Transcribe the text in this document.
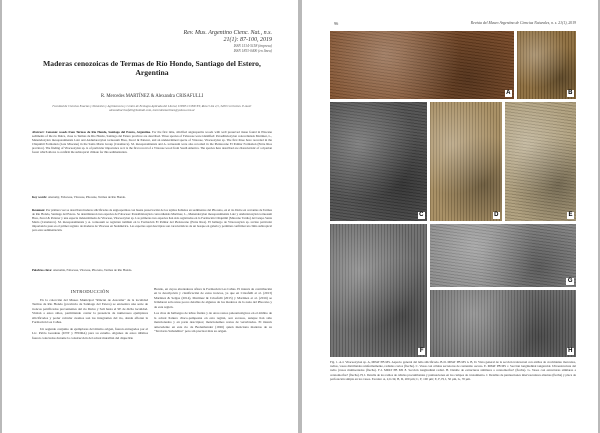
Rev. Mus. Argentino Cienc. Nat., n.s.
21(1): 87-100, 2019
ISSN 1514-5158 (impresa)
ISSN 1853-0400 (en línea)
Maderas cenozoicas de Termas de Río Hondo, Santiago del Estero, Argentina
R. Mercedes MARTÍNEZ & Alexandra CRISAFULLI
Facultad de Ciencias Exactas y Naturales y Agrimensura y Centro de Ecología Aplicada del Litoral, UNNE-CONICET, Ruta 5 km 2,5, 3400 Corrientes. E-mail: alexandracrisafulli@hotmail.com, mercedesmartinez@yahoo.com.ar
Abstract: Cenozoic woods from Termas de Río Hondo, Santiago del Estero, Argentina. For the first time, silicified angiosperms woods with well preserved tissue found in Pliocene sediments of the río Dulce, close to Termas de Río Hondo, Santiago del Estero province are described. Three species of Fabaceae were identified: Paraalbizioxylon concordiensis Martínez, L., Menendoxylon mesopotamiensis Lutz and Anduriaroxylon tortuosum Brea, Zucol & Patterer, and an undetermined specie of Vitaceae, Vitaceoxylon sp. The first three have recorded in the Chiquimil Formation (Late Miocene) in the Santa María Group (Catamarca). M. mesopotamiensis and A. tortuosum were also recorded in the Pleistocene El Palmar Formation (Entre Ríos province). The finding of Vitaceoxylon sp. is of particular importance as it is the first record of a Vitaceae wood from South America. The species here described are characteristic of a riparian forest which allows to confirm the subtropical climate for this sedimentation.
Key words: Anatomy, Fabaceae, Vitaceae, Pliocene, Termas de Río Hondo.
Resumen: Por primera vez se describen maderas silicificadas de angiospermas con buena preservación de los tejidos hallados en sedimentos del Plioceno, en el río Dulce en cercanías de Termas de Río Hondo, Santiago del Estero. Se determinaron tres especies de Fabaceae: Paraalbizioxylon concordiensis Martínez, L., Menendoxylon mesopotamiensis Lutz y Anduriaroxylon tortuosum Brea, Zucol & Patterer y una especie indeterminada de Vitaceae, Vitaceoxylon sp. Las primeras tres especies han sido registradas en la Formación Chiquimil (Mioceno Tardío) del Grupo Santa María (Catamarca). M. mesopotamiensis y A. tortuosum se registran también en la Formación El Palmar del Pleistoceno (Entre Ríos). El hallazgo de Vitaceoxylon sp. reviste particular importancia pues es el primer registro de maderas de Vitaceae en Sudamérica. Las especies aquí descriptas son características de un bosque en galería y permiten confirmar un clima subtropical para esta sedimentación.
Palabras clave: Anatomía, Fabaceae, Vitaceae, Plioceno, Termas de Río Hondo.
INTRODUCCIÓN

En la colección del Museo Municipal "Rincón de Atacama" de la localidad Termas de Río Hondo (provincia de Santiago del Estero) se encuentra una serie de troncos petrificados provenientes del río Dulce y Salí hasta el SE de dicha localidad. Visitan a estos sitios, permitiendo contar la presencia de numerosos ejemplares silicificados y poder calcular cuantos son los integrantes del río, donde afloran la Formación Las Cañas.

Un segundo conjunto de ejemplares del mismo origen, fueron entregados por el Lic. Pablo Goudeau (UNT y FEDRA) para su estudio. Algunos de estos últimos fueron colectados durante la construcción del actual murallón del dique Río

Hondo, en cuyos alrededores aflora la Formación Las Cañas. El interés de contribución en la descripción y clasificación de estos troncos, ya que en Crisafulli et al. (2013) Martínez & Selgas (2014), Martínez & Crisafulli (2015) y Martínez et al. (2016) se brindaron sólo unos pocos detalles de algunos de los maderos de la zona del Plioceno y de esta región.

Los citas de hallazgos de leños fósiles y de otros restos paleontológicos en el ámbito de la actual llanura chaco-pampeana en esta región, son escasos, aunque han sido mencionados y en parte descriptos; mencionamos restos de vertebrados. El interés antecedente en este río de Bodenbender (1926) quien menciona maderas de su "Terciario Subandino" pero sin precisar más su origen.

96	Revista del Museo Argentino de Ciencias Naturales, n. s. 21(1), 2019
A	B
C	D	E
F
G
H
Fig. 1. A-I. Vitaceoxylon sp. A, MPAT PB MS. Aspecto general del leño silicificado. B-D. MPAT PB MS n. B, D. Vista general de la sección transversal con anillos de crecimiento marcados, radios, vasos distribuidos uniformemente, radiales cortos (flecha). C. Vasos con células secretoras de contenido oscuro. E. MPAT PB MS c. Sección longitudinal tangencial. Ultraestructura del radio (vasos multiseriados (flecha). F-I. MPAT PB MS 8. Sección longitudinal radial. H. Detalle de estructuras similares a ceratomorfas? (flecha). G. Vasos con estructuras similares a ceratomorfas? (flecha). H, I. Detalle de los radios de células procumbentes y puntuaciones en los campos de cruzamiento. J. Detalles de puntuaciones intervasculares alternas (flecha) y placa de perforación simple en los vasos. Escalas: A, 2,6 cm; B, D, 200 µm; C, F, 100 µm; E, F, H, I, 50 µm, G, 70 µm.
